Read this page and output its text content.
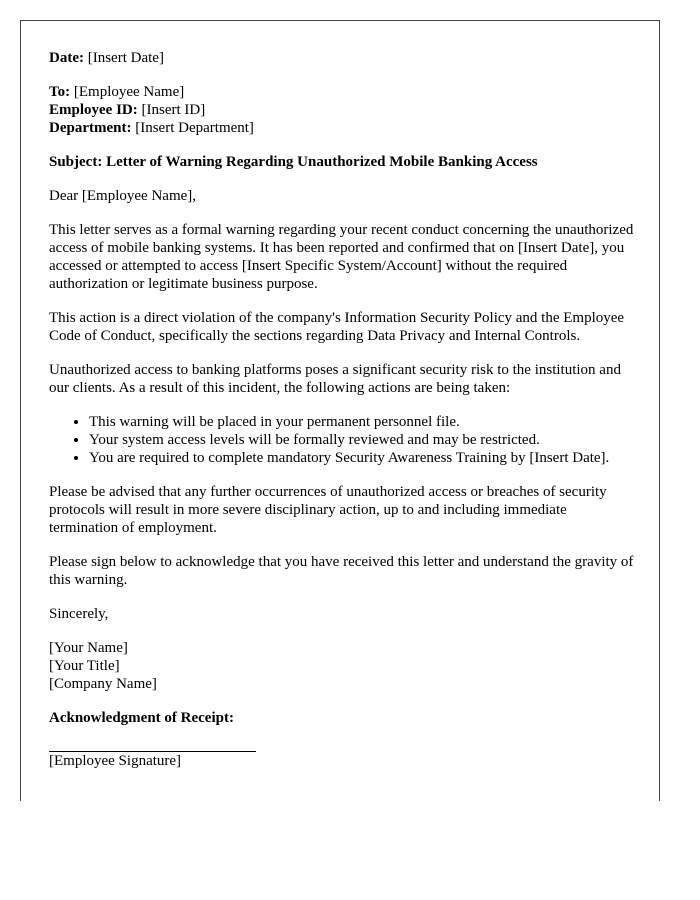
Date: [Insert Date]

To: [Employee Name]

Employee ID: [Insert ID]

Department: [Insert Department]

Subject: Letter of Warning Regarding Unauthorized Mobile Banking Access

Dear [Employee Name],

This letter serves as a formal warning regarding your recent conduct concerning the unauthorized access of mobile banking systems. It has been reported and confirmed that on [Insert Date], you accessed or attempted to access [Insert Specific System/Account] without the required authorization or legitimate business purpose.

This action is a direct violation of the company's Information Security Policy and the Employee Code of Conduct, specifically the sections regarding Data Privacy and Internal Controls.

Unauthorized access to banking platforms poses a significant security risk to the institution and our clients. As a result of this incident, the following actions are being taken:

• This warning will be placed in your permanent personnel file.
• Your system access levels will be formally reviewed and may be restricted.
• You are required to complete mandatory Security Awareness Training by [Insert Date].

Please be advised that any further occurrences of unauthorized access or breaches of security protocols will result in more severe disciplinary action, up to and including immediate termination of employment.

Please sign below to acknowledge that you have received this letter and understand the gravity of this warning.

Sincerely,

[Your Name]

[Your Title]

[Company Name]

Acknowledgment of Receipt:

[Employee Signature]
